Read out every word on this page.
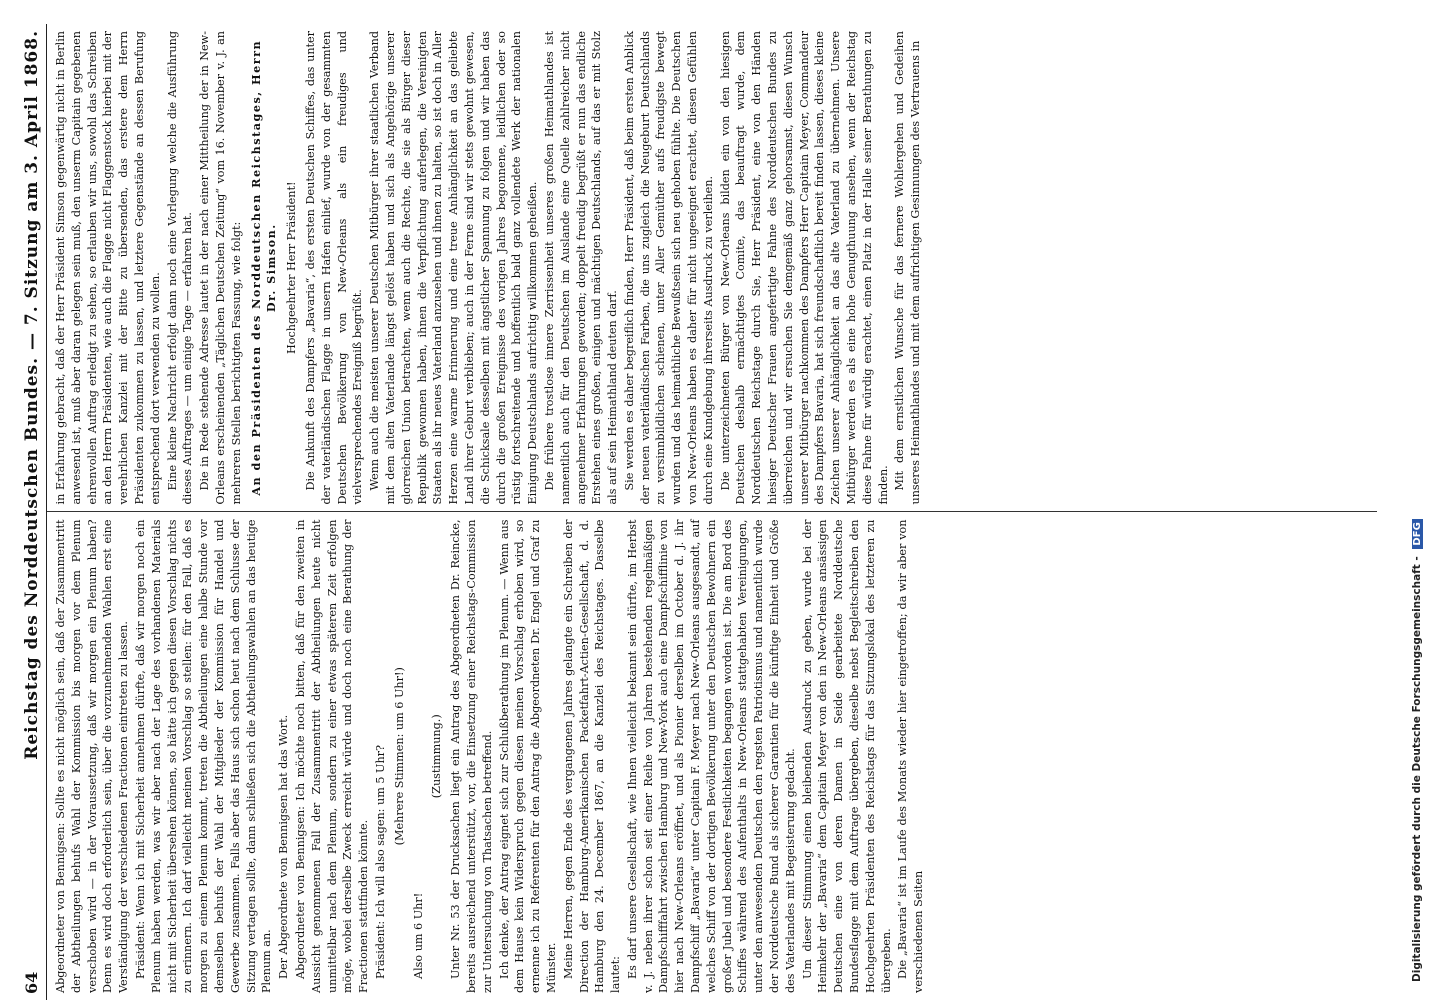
64
Reichstag des Norddeutschen Bundes. — 7. Sitzung am 3. April 1868. Abgeordneter von Bennigsen: Sollte es nicht möglich sein, daß der Zusammentritt der Abtheilungen behufs Wahl der Kommission bis morgen vor dem Plenum verschoben wird — in der Voraussetzung, daß wir morgen ein Plenum haben? Denn es wird doch erforderlich sein, über die vorzunehmenden Wahlen erst eine Verständigung der verschiedenen Fractionen eintreten zu lassen. Präsident: Wenn ich mit Sicherheit annehmen dürfte, daß wir morgen noch ein Plenum haben werden, was wir aber nach der Lage des vorhandenen Materials nicht mit Sicherheit übersehen können, so hätte ich gegen diesen Vorschlag nichts zu erinnern. Ich darf vielleicht meinen Vorschlag so stellen: für den Fall, daß es morgen zu einem Plenum kommt, treten die Abtheilungen eine halbe Stunde vor demselben behufs der Wahl der Mitglieder der Kommission für Handel und Gewerbe zusammen. Falls aber das Haus sich schon heut nach dem Schlusse der Sitzung vertagen sollte, dann schließen sich die Abtheilungswahlen an das heutige Plenum an. Der Abgeordnete von Bennigsen hat das Wort. Abgeordneter von Bennigsen: Ich möchte noch bitten, daß für den zweiten in Aussicht genommenen Fall der Zusammentritt der Abtheilungen heute nicht unmittelbar nach dem Plenum, sondern zu einer etwas späteren Zeit erfolgen möge, wobei derselbe Zweck erreicht würde und doch noch eine Berathung der Fractionen stattfinden könnte. Präsident: Ich will also sagen: um 5 Uhr? (Mehrere Stimmen: um 6 Uhr!)

Also um 6 Uhr!

(Zustimmung.) Unter Nr. 53 der Drucksachen liegt ein Antrag des Abgeordneten Dr. Reincke, bereits ausreichend unterstützt, vor, die Einsetzung einer Reichstags-Commission zur Untersuchung von Thatsachen betreffend. Ich denke, der Antrag eignet sich zur Schlußberathung im Plenum. — Wenn aus dem Hause kein Widerspruch gegen diesen meinen Vorschlag erhoben wird, so ernenne ich zu Referenten für den Antrag die Abgeordneten Dr. Engel und Graf zu Münster. Meine Herren, gegen Ende des vergangenen Jahres gelangte ein Schreiben der Direction der Hamburg-Amerikanischen Packetfahrt-Actien-Gesellschaft, d. d. Hamburg den 24. December 1867, an die Kanzlei des Reichstages. Dasselbe lautet: Es darf unsere Gesellschaft, wie Ihnen vielleicht bekannt sein dürfte, im Herbst v. J. neben ihrer schon seit einer Reihe von Jahren bestehenden regelmäßigen Dampfschifffahrt zwischen Hamburg und New-York auch eine Dampfschifflinie von hier nach New-Orleans eröffnet, und als Pionier derselben im October d. J. ihr Dampfschiff „Bavaria“ unter Capitain F. Meyer nach New-Orleans ausgesandt, auf welches Schiff von der dortigen Bevölkerung unter den Deutschen Bewohnern ein großer Jubel und besondere Festlichkeiten begangen worden ist. Die am Bord des Schiffes während des Aufenthalts in New-Orleans stattgehabten Vereinigungen, unter den anwesenden Deutschen den regsten Patriotismus und namentlich wurde der Norddeutsche Bund als sicherer Garantien für die künftige Einheit und Größe des Vaterlandes mit Begeisterung gedacht. Um dieser Stimmung einen bleibenden Ausdruck zu geben, wurde bei der Heimkehr der „Bavaria“ dem Capitain Meyer von den in New-Orleans ansässigen Deutschen eine von deren Damen in Seide gearbeitete Norddeutsche Bundesflagge mit dem Auftrage übergeben, dieselbe nebst Begleitschreiben den Hochgeehrten Präsidenten des Reichstags für das Sitzungslokal des letzteren zu übergeben. Die „Bavaria“ ist im Laufe des Monats wieder hier eingetroffen; da wir aber von verschiedenen Seiten

in Erfahrung gebracht, daß der Herr Präsident Simson gegenwärtig nicht in Berlin anwesend ist, muß aber daran gelegen sein muß, den unserm Capitain gegebenen ehrenvollen Auftrag erledigt zu sehen, so erlauben wir uns, sowohl das Schreiben an den Herrn Präsidenten, wie auch die Flagge nicht Flaggenstock hierbei mit der verehrlichen Kanzlei mit der Bitte zu übersenden, das erstere dem Herrn Präsidenten zukommen zu lassen, und letztere Gegenstände an dessen Berufung entsprechend dort verwenden zu wollen. Eine kleine Nachricht erfolgt dann noch eine Vorlegung welche die Ausführung dieses Auftrages — um einige Tage — erfahren hat. Die in Rede stehende Adresse lautet in der nach einer Mittheilung der in New-Orleans erscheinenden „Täglichen Deutschen Zeitung“ vom 16. November v. J. an mehreren Stellen berichtigten Fassung, wie folgt: An den Präsidenten des Norddeutschen Reichstages, Herrn Dr. Simson. Hochgeehrter Herr Präsident! Die Ankunft des Dampfers „Bavaria“, des ersten Deutschen Schiffes, das unter der vaterländischen Flagge in unsern Hafen einlief, wurde von der gesammten Deutschen Bevölkerung von New-Orleans als ein freudiges und vielversprechendes Ereigniß begrüßt. Wenn auch die meisten unserer Deutschen Mitbürger ihrer staatlichen Verband mit dem alten Vaterlande längst gelöst haben und sich als Angehörige unserer glorreichen Union betrachten, wenn auch die Rechte, die sie als Bürger dieser Republik gewonnen haben, ihnen die Verpflichtung auferlegen, die Vereinigten Staaten als ihr neues Vaterland anzusehen und ihnen zu halten, so ist doch in Aller Herzen eine warme Erinnerung und eine treue Anhänglichkeit an das geliebte Land ihrer Geburt verblieben; auch in der Ferne sind wir stets gewohnt gewesen, die Schicksale desselben mit ängstlicher Spannung zu folgen und wir haben das durch die großen Ereignisse des vorigen Jahres begonnene, leidlichen oder so rüstig fortschreitende und hoffentlich bald ganz vollendete Werk der nationalen Einigung Deutschlands aufrichtig willkommen geheißen. Die frühere trostlose innere Zerrissenheit unseres großen Heimathlandes ist namentlich auch für den Deutschen im Auslande eine Quelle zahlreicher nicht angenehmer Erfahrungen geworden; doppelt freudig begrüßt er nun das endliche Erstehen eines großen, einigen und mächtigen Deutschlands, auf das er mit Stolz als auf sein Heimathland deuten darf. Sie werden es daher begreiflich finden, Herr Präsident, daß beim ersten Anblick der neuen vaterländischen Farben, die uns zugleich die Neugeburt Deutschlands zu versinnbildlichen schienen, unter Aller Gemüther aufs freudigste bewegt wurden und das heimathliche Bewußtsein sich neu gehoben fühlte. Die Deutschen von New-Orleans haben es daher für nicht ungeeignet erachtet, diesen Gefühlen durch eine Kundgebung ihrerseits Ausdruck zu verleihen. Die unterzeichneten Bürger von New-Orleans bilden ein von den hiesigen Deutschen deshalb ermächtigtes Comite, das beauftragt wurde, dem Norddeutschen Reichstage durch Sie, Herr Präsident, eine von den Händen hiesiger Deutscher Frauen angefertigte Fahne des Norddeutschen Bundes zu überreichen und wir ersuchen Sie demgemäß ganz gehorsamst, diesen Wunsch unserer Mitbürger nachkommen des Dampfers Herr Capitain Meyer, Commandeur des Dampfers Bavaria, hat sich freundschaftlich bereit finden lassen, dieses kleine Zeichen unserer Anhänglichkeit an das alte Vaterland zu übernehmen. Unsere Mitbürger werden es als eine hohe Genugthuung ansehen, wenn der Reichstag diese Fahne für würdig erachtet, einen Platz in der Halle seiner Berathungen zu finden. Mit dem ernstlichen Wunsche für das fernere Wohlergehen und Gedeihen unseres Heimathlandes und mit dem aufrichtigen Gesinnungen des Vertrauens in

Digitalisierung gefördert durch die Deutsche Forschungsgemeinschaft - DFG
